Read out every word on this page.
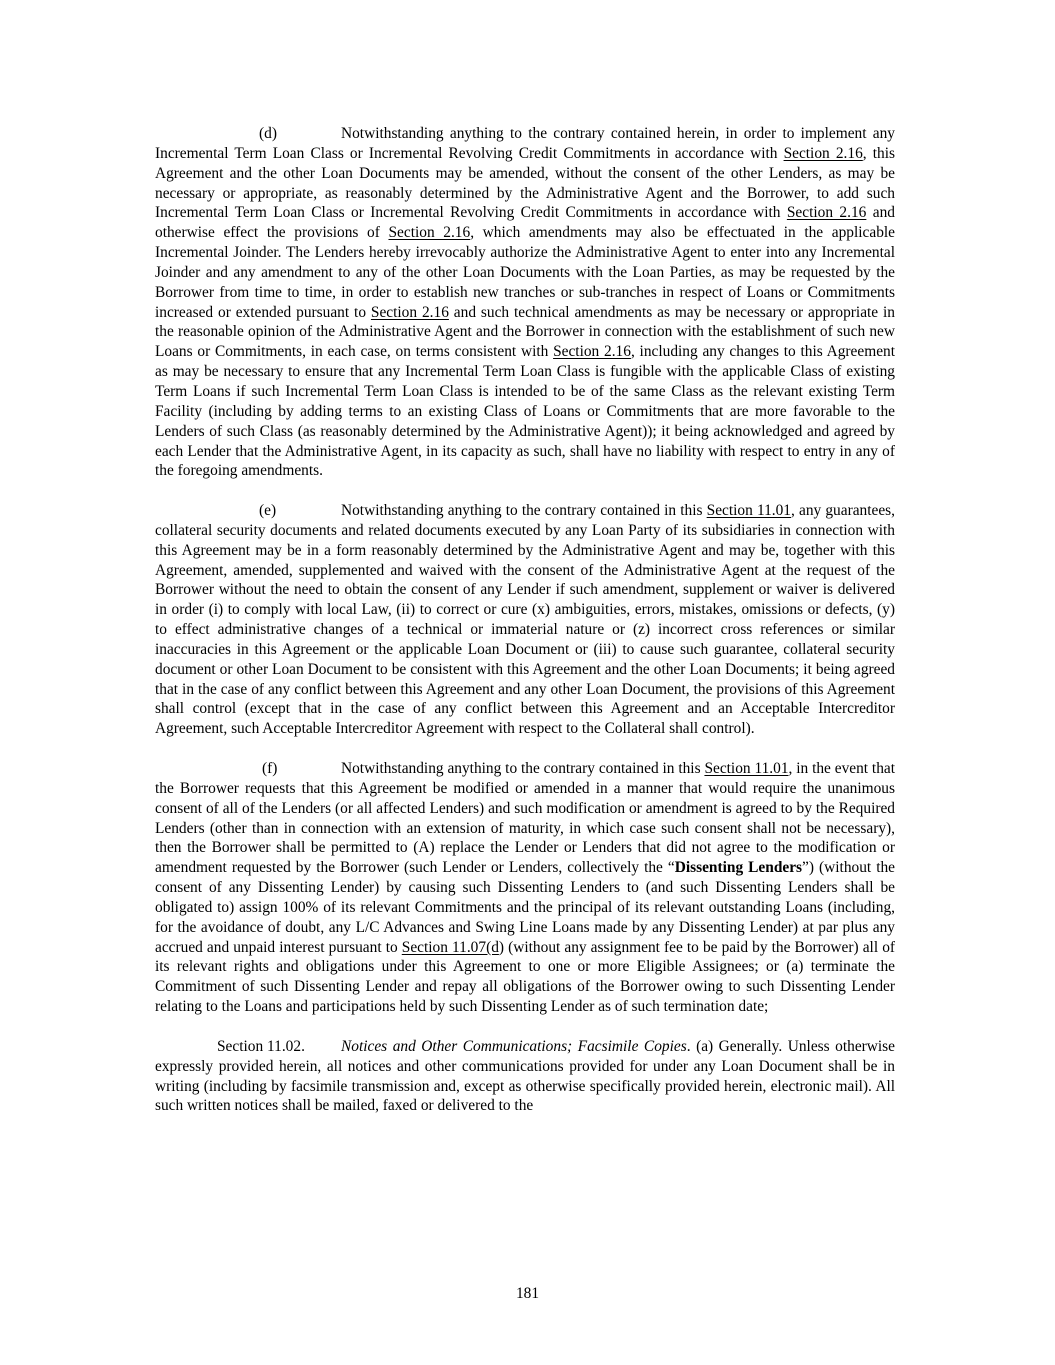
(d)	Notwithstanding anything to the contrary contained herein, in order to implement any Incremental Term Loan Class or Incremental Revolving Credit Commitments in accordance with Section 2.16, this Agreement and the other Loan Documents may be amended, without the consent of the other Lenders, as may be necessary or appropriate, as reasonably determined by the Administrative Agent and the Borrower, to add such Incremental Term Loan Class or Incremental Revolving Credit Commitments in accordance with Section 2.16 and otherwise effect the provisions of Section 2.16, which amendments may also be effectuated in the applicable Incremental Joinder. The Lenders hereby irrevocably authorize the Administrative Agent to enter into any Incremental Joinder and any amendment to any of the other Loan Documents with the Loan Parties, as may be requested by the Borrower from time to time, in order to establish new tranches or sub-tranches in respect of Loans or Commitments increased or extended pursuant to Section 2.16 and such technical amendments as may be necessary or appropriate in the reasonable opinion of the Administrative Agent and the Borrower in connection with the establishment of such new Loans or Commitments, in each case, on terms consistent with Section 2.16, including any changes to this Agreement as may be necessary to ensure that any Incremental Term Loan Class is fungible with the applicable Class of existing Term Loans if such Incremental Term Loan Class is intended to be of the same Class as the relevant existing Term Facility (including by adding terms to an existing Class of Loans or Commitments that are more favorable to the Lenders of such Class (as reasonably determined by the Administrative Agent)); it being acknowledged and agreed by each Lender that the Administrative Agent, in its capacity as such, shall have no liability with respect to entry in any of the foregoing amendments.

(e)	Notwithstanding anything to the contrary contained in this Section 11.01, any guarantees, collateral security documents and related documents executed by any Loan Party of its subsidiaries in connection with this Agreement may be in a form reasonably determined by the Administrative Agent and may be, together with this Agreement, amended, supplemented and waived with the consent of the Administrative Agent at the request of the Borrower without the need to obtain the consent of any Lender if such amendment, supplement or waiver is delivered in order (i) to comply with local Law, (ii) to correct or cure (x) ambiguities, errors, mistakes, omissions or defects, (y) to effect administrative changes of a technical or immaterial nature or (z) incorrect cross references or similar inaccuracies in this Agreement or the applicable Loan Document or (iii) to cause such guarantee, collateral security document or other Loan Document to be consistent with this Agreement and the other Loan Documents; it being agreed that in the case of any conflict between this Agreement and any other Loan Document, the provisions of this Agreement shall control (except that in the case of any conflict between this Agreement and an Acceptable Intercreditor Agreement, such Acceptable Intercreditor Agreement with respect to the Collateral shall control).

(f)	Notwithstanding anything to the contrary contained in this Section 11.01, in the event that the Borrower requests that this Agreement be modified or amended in a manner that would require the unanimous consent of all of the Lenders (or all affected Lenders) and such modification or amendment is agreed to by the Required Lenders (other than in connection with an extension of maturity, in which case such consent shall not be necessary), then the Borrower shall be permitted to (A) replace the Lender or Lenders that did not agree to the modification or amendment requested by the Borrower (such Lender or Lenders, collectively the “Dissenting Lenders”) (without the consent of any Dissenting Lender) by causing such Dissenting Lenders to (and such Dissenting Lenders shall be obligated to) assign 100% of its relevant Commitments and the principal of its relevant outstanding Loans (including, for the avoidance of doubt, any L/C Advances and Swing Line Loans made by any Dissenting Lender) at par plus any accrued and unpaid interest pursuant to Section 11.07(d) (without any assignment fee to be paid by the Borrower) all of its relevant rights and obligations under this Agreement to one or more Eligible Assignees; or (a) terminate the Commitment of such Dissenting Lender and repay all obligations of the Borrower owing to such Dissenting Lender relating to the Loans and participations held by such Dissenting Lender as of such termination date;

Section 11.02. Notices and Other Communications; Facsimile Copies. (a) Generally. Unless otherwise expressly provided herein, all notices and other communications provided for under any Loan Document shall be in writing (including by facsimile transmission and, except as otherwise specifically provided herein, electronic mail). All such written notices shall be mailed, faxed or delivered to the

181
